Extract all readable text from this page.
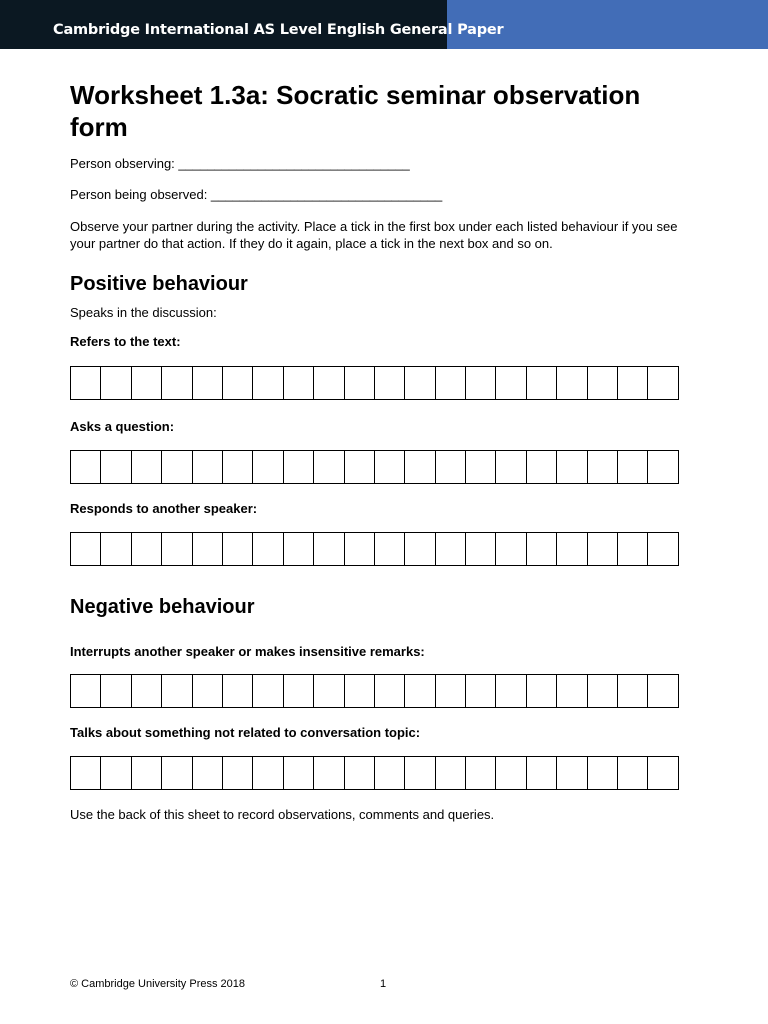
Cambridge International AS Level English General Paper
Worksheet 1.3a: Socratic seminar observation form
Person observing: ________________________________
Person being observed: ________________________________

Observe your partner during the activity. Place a tick in the first box under each listed behaviour if you see your partner do that action. If they do it again, place a tick in the next box and so on.

Positive behaviour
Speaks in the discussion:
Refers to the text:
Asks a question:
Responds to another speaker:
Negative behaviour
Interrupts another speaker or makes insensitive remarks:
Talks about something not related to conversation topic:
Use the back of this sheet to record observations, comments and queries.
© Cambridge University Press 2018	1
